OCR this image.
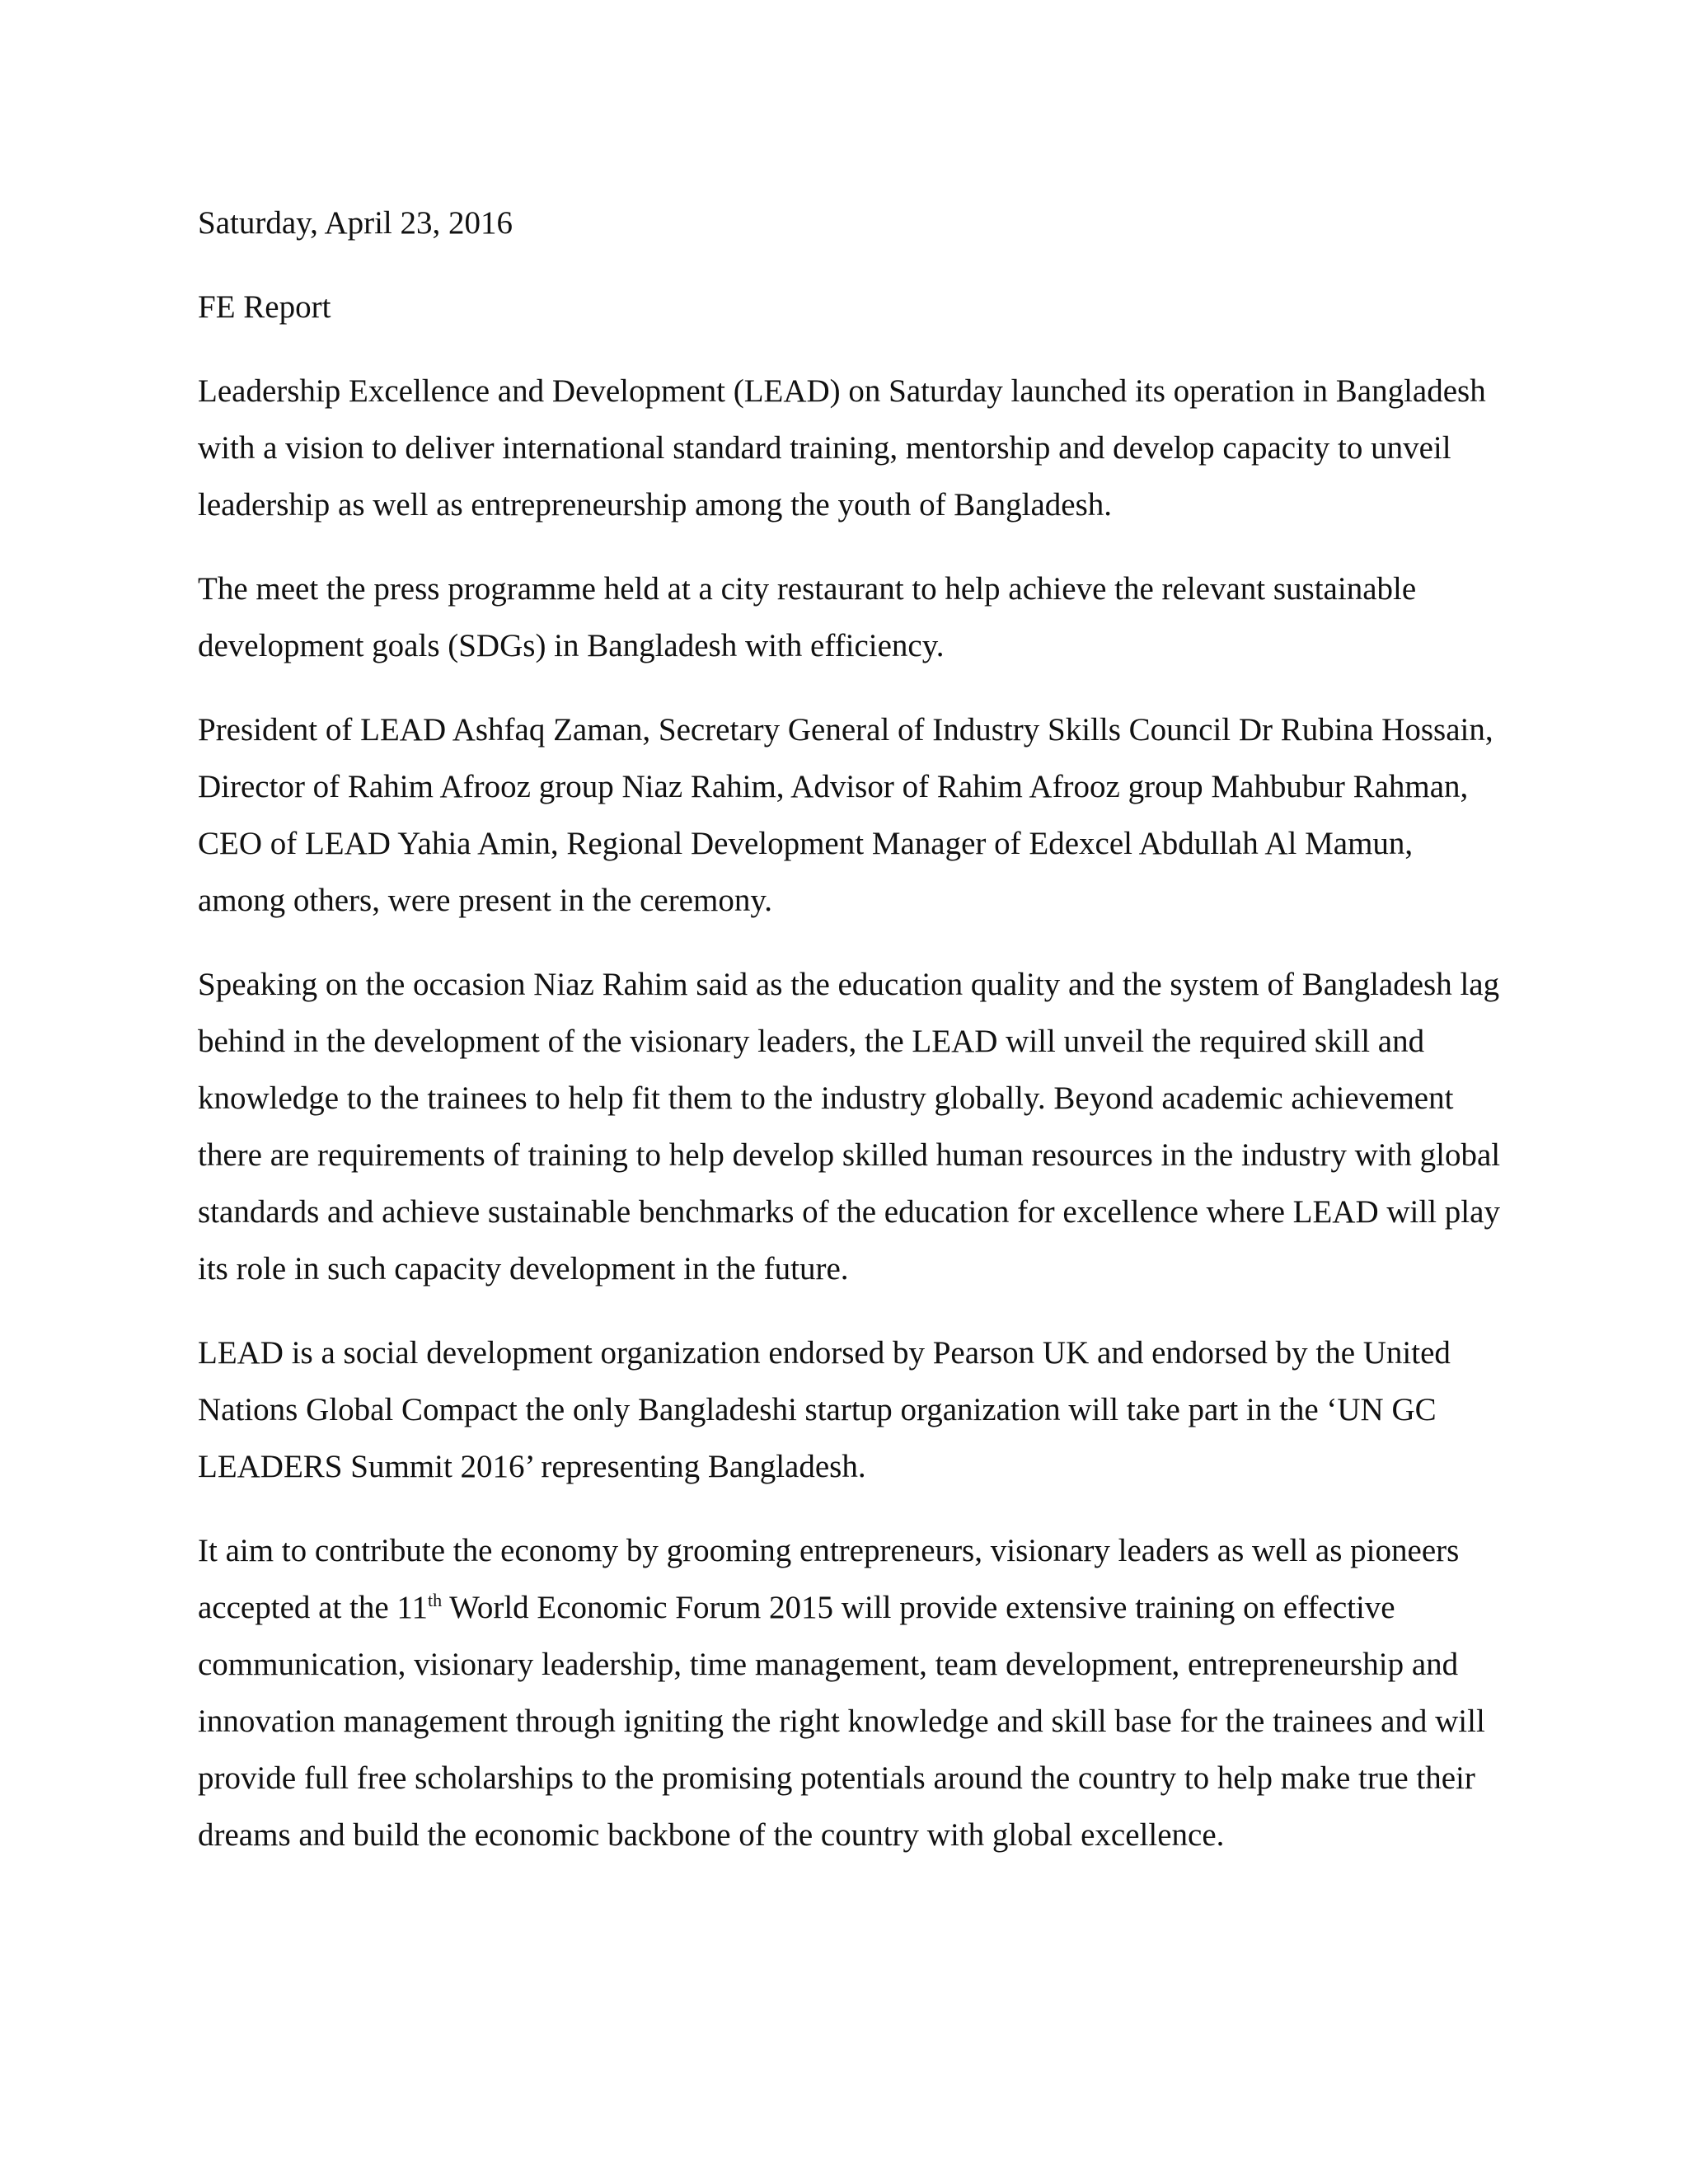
Saturday, April 23, 2016

FE Report

Leadership Excellence and Development (LEAD) on Saturday launched its operation in Bangladesh with a vision to deliver international standard training, mentorship and develop capacity to unveil leadership as well as entrepreneurship among the youth of Bangladesh.

The meet the press programme held at a city restaurant to help achieve the relevant sustainable development goals (SDGs) in Bangladesh with efficiency.

President of LEAD Ashfaq Zaman, Secretary General of Industry Skills Council Dr Rubina Hossain, Director of Rahim Afrooz group Niaz Rahim, Advisor of Rahim Afrooz group Mahbubur Rahman, CEO of LEAD Yahia Amin, Regional Development Manager of Edexcel Abdullah Al Mamun, among others, were present in the ceremony.

Speaking on the occasion Niaz Rahim said as the education quality and the system of Bangladesh lag behind in the development of the visionary leaders, the LEAD will unveil the required skill and knowledge to the trainees to help fit them to the industry globally. Beyond academic achievement there are requirements of training to help develop skilled human resources in the industry with global standards and achieve sustainable benchmarks of the education for excellence where LEAD will play its role in such capacity development in the future.

LEAD is a social development organization endorsed by Pearson UK and endorsed by the United Nations Global Compact the only Bangladeshi startup organization will take part in the ‘UN GC LEADERS Summit 2016’ representing Bangladesh.

It aim to contribute the economy by grooming entrepreneurs, visionary leaders as well as pioneers accepted at the 11th World Economic Forum 2015 will provide extensive training on effective communication, visionary leadership, time management, team development, entrepreneurship and innovation management through igniting the right knowledge and skill base for the trainees and will provide full free scholarships to the promising potentials around the country to help make true their dreams and build the economic backbone of the country with global excellence.
